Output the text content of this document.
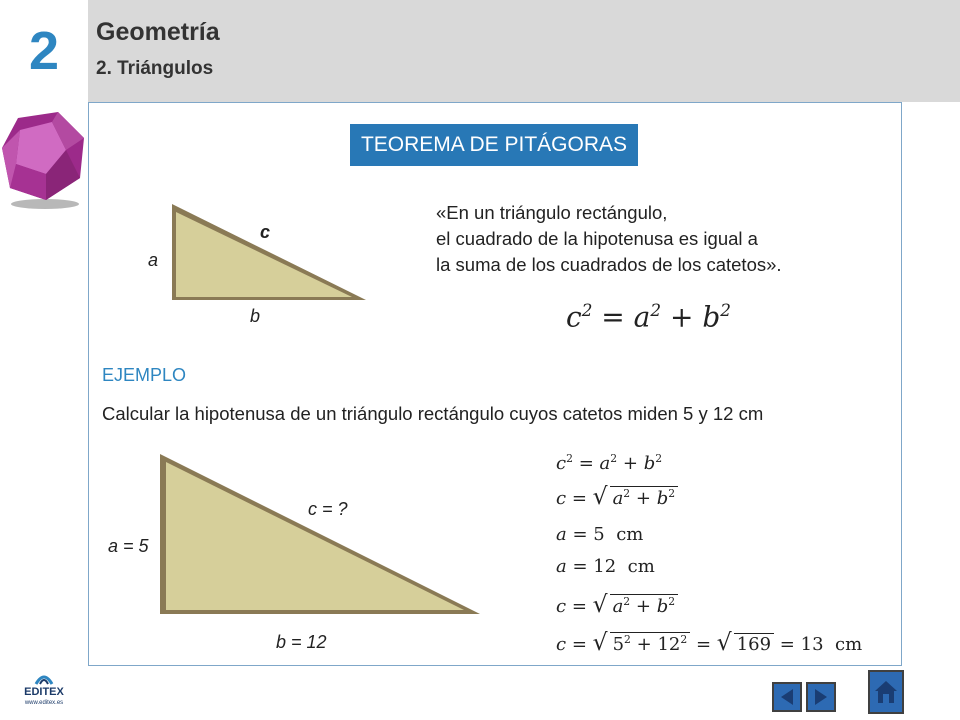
2	Geometría
2. Triángulos
TEOREMA DE PITÁGORAS
c
a
b
«En un triángulo rectángulo,
el cuadrado de la hipotenusa es igual a
la suma de los cuadrados de los catetos».
$c^2 = a^2 + b^2$
EJEMPLO
Calcular la hipotenusa de un triángulo rectángulo cuyos catetos miden 5 y 12 cm
c = ?
a = 5
b = 12
$c^2 = a^2 + b^2$
c = √ $a^2 + b^2$
a = 5 cm
a = 12 cm
c = √ $a^2 + b^2$
c = √ $5^2 + 12^2$ = √ 169 = 13 cm
EDITEX
www.editex.es
